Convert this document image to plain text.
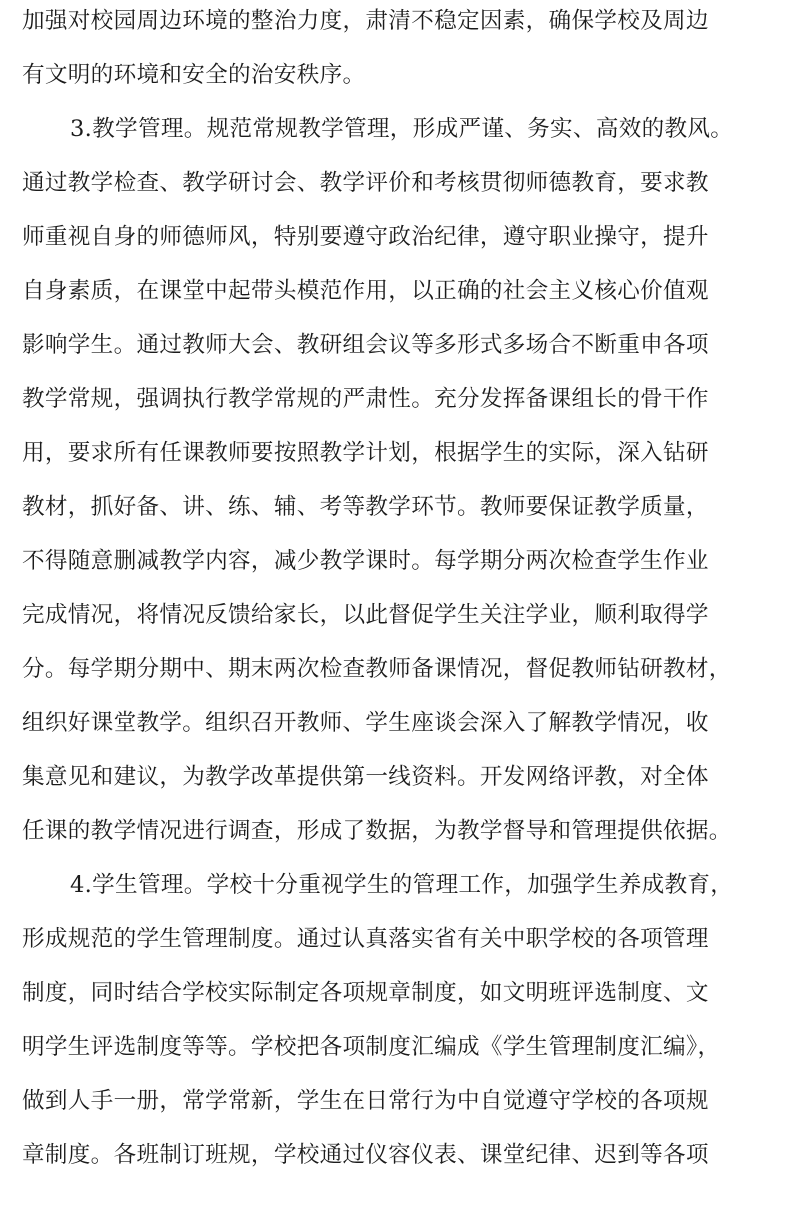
加强对校园周边环境的整治力度，肃清不稳定因素，确保学校及周边
有文明的环境和安全的治安秩序。
3.教学管理。规范常规教学管理，形成严谨、务实、高效的教风。
通过教学检查、教学研讨会、教学评价和考核贯彻师德教育，要求教
师重视自身的师德师风，特别要遵守政治纪律，遵守职业操守，提升
自身素质，在课堂中起带头模范作用，以正确的社会主义核心价值观
影响学生。通过教师大会、教研组会议等多形式多场合不断重申各项
教学常规，强调执行教学常规的严肃性。充分发挥备课组长的骨干作
用，要求所有任课教师要按照教学计划，根据学生的实际，深入钻研
教材，抓好备、讲、练、辅、考等教学环节。教师要保证教学质量，
不得随意删减教学内容，减少教学课时。每学期分两次检查学生作业
完成情况，将情况反馈给家长，以此督促学生关注学业，顺利取得学
分。每学期分期中、期末两次检查教师备课情况，督促教师钻研教材，
组织好课堂教学。组织召开教师、学生座谈会深入了解教学情况，收
集意见和建议，为教学改革提供第一线资料。开发网络评教，对全体
任课的教学情况进行调查，形成了数据，为教学督导和管理提供依据。
4.学生管理。学校十分重视学生的管理工作，加强学生养成教育，
形成规范的学生管理制度。通过认真落实省有关中职学校的各项管理
制度，同时结合学校实际制定各项规章制度，如文明班评选制度、文
明学生评选制度等等。学校把各项制度汇编成《学生管理制度汇编》，
做到人手一册，常学常新，学生在日常行为中自觉遵守学校的各项规
章制度。各班制订班规，学校通过仪容仪表、课堂纪律、迟到等各项
